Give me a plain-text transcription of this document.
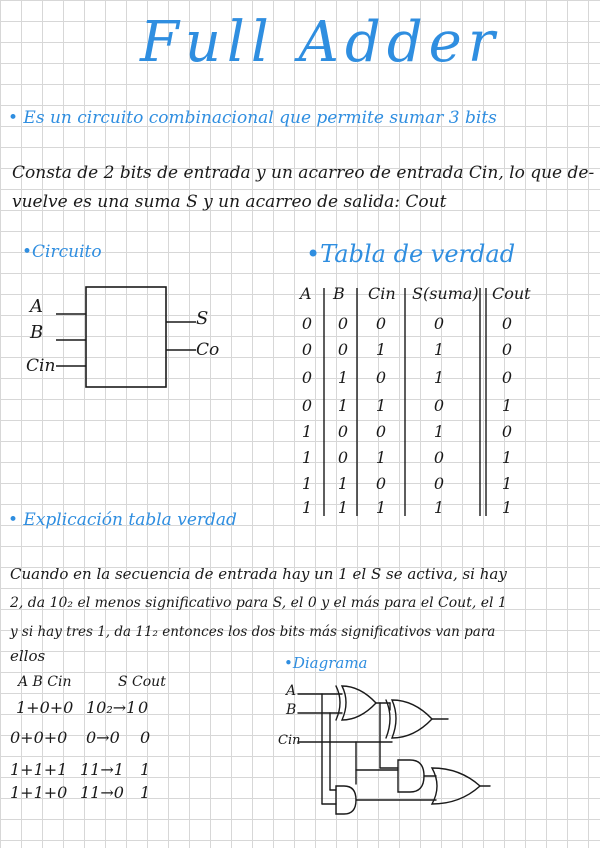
Full Adder
• Es un circuito combinacional que permite sumar 3 bits
Consta de 2 bits de entrada y un acarreo de entrada Cin, lo que de-
vuelve es una suma S y un acarreo de salida: Cout
•Circuito
A
B
Cin
S
Co
•Tabla de verdad
A B Cin S(suma) Cout
0	0	0	0	0
0	0	1	1	0
0	1	0	1	0
0	1	1	0	1
1	0	0	1	0
1	0	1	0	1
1	1	0	0	1
1	1	1	1	1
• Explicación tabla verdad
Cuando en la secuencia de entrada hay un 1 el S se activa, si hay
2, da 10₂ el menos significativo para S, el 0 y el más para el Cout, el 1
y si hay tres 1, da 11₂ entonces los dos bits más significativos van para
ellos
A B Cin	S Cout
1+0+0 10₂→1 0
0+0+0 0→0 0
1+1+1 11→1 1
1+1+0 11→0 1
•Diagrama
A
B
Cin
